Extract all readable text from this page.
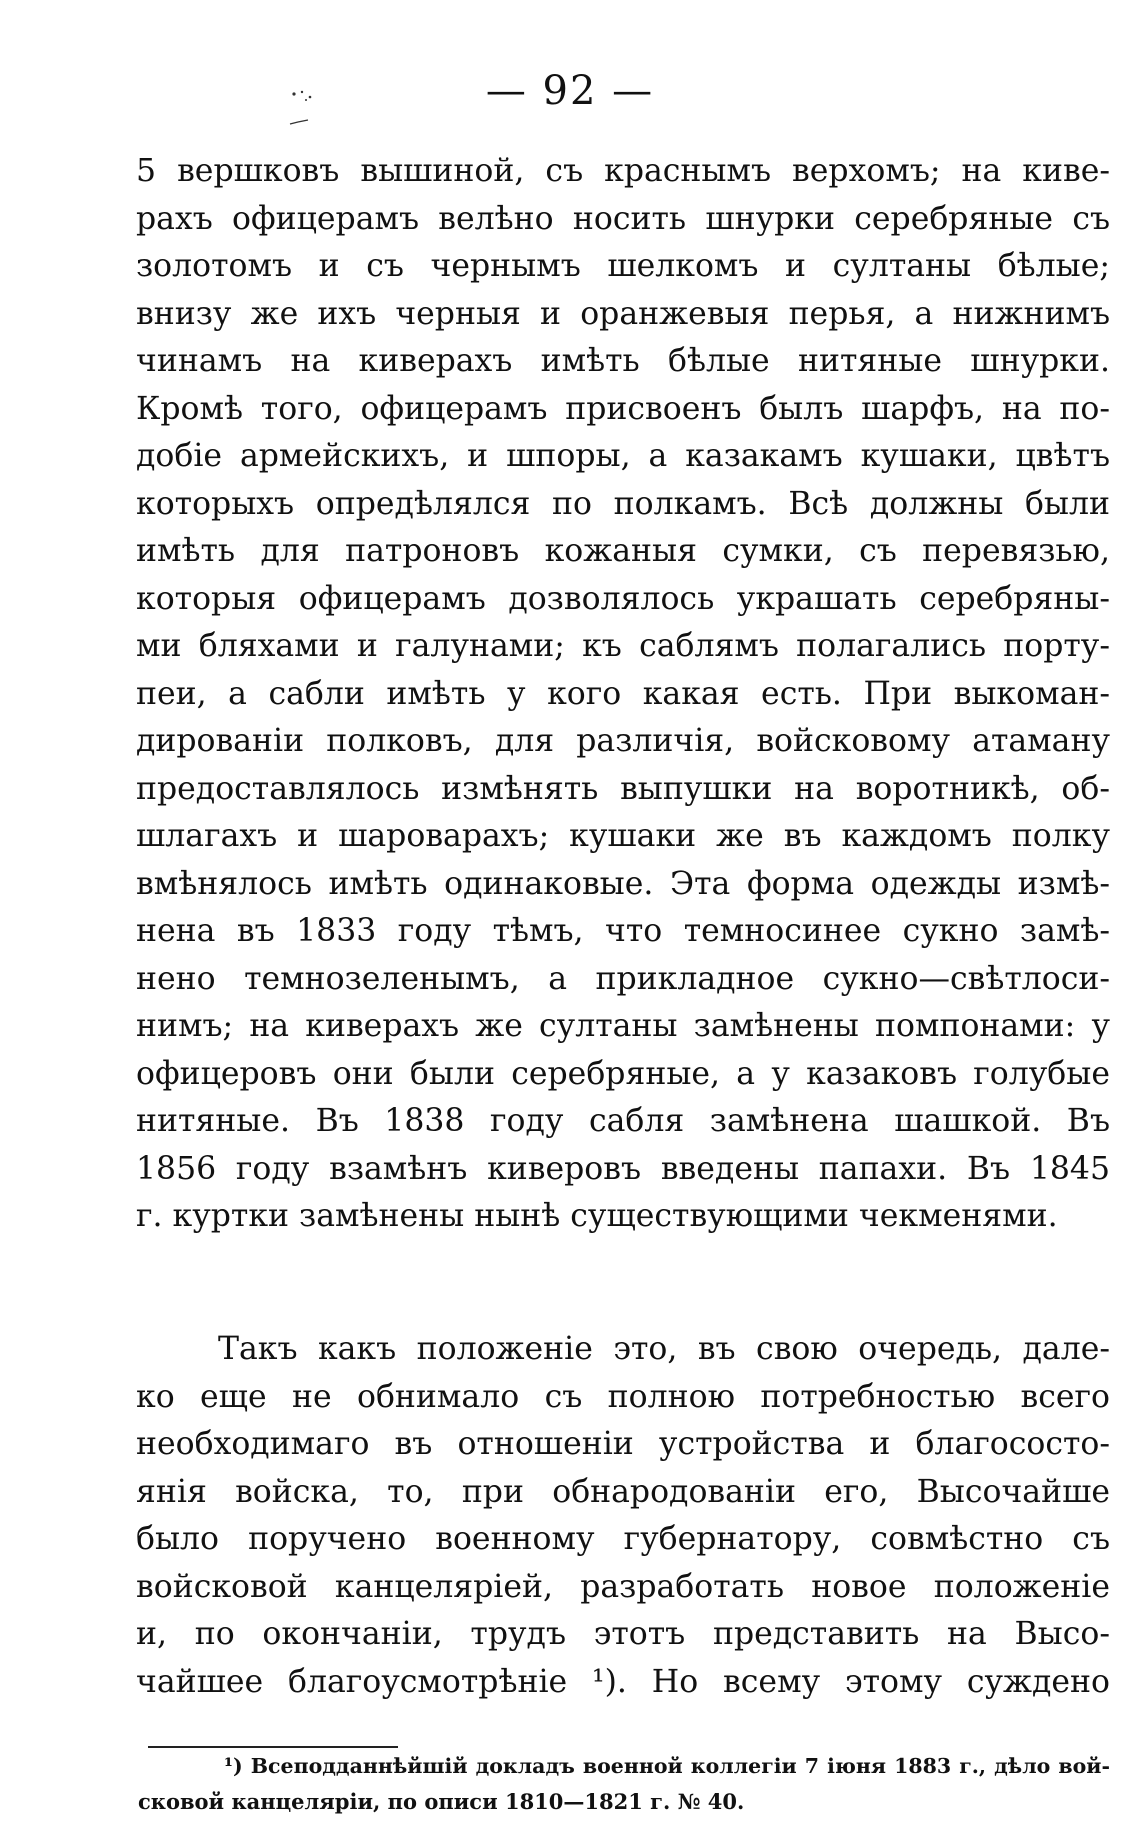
— 92 —
5 вершковъ вышиной, съ краснымъ верхомъ; на киве-
рахъ офицерамъ велѣно носить шнурки серебряные съ
золотомъ и съ чернымъ шелкомъ и султаны бѣлые;
внизу же ихъ черныя и оранжевыя перья, а нижнимъ
чинамъ на киверахъ имѣть бѣлые нитяные шнурки.
Кромѣ того, офицерамъ присвоенъ былъ шарфъ, на по-
добіе армейскихъ, и шпоры, а казакамъ кушаки, цвѣтъ
которыхъ опредѣлялся по полкамъ. Всѣ должны были
имѣть для патроновъ кожаныя сумки, съ перевязью,
которыя офицерамъ дозволялось украшать серебряны-
ми бляхами и галунами; къ саблямъ полагались порту-
пеи, а сабли имѣть у кого какая есть. При выкоман-
дированіи полковъ, для различія, войсковому атаману
предоставлялось измѣнять выпушки на воротникѣ, об-
шлагахъ и шароварахъ; кушаки же въ каждомъ полку
вмѣнялось имѣть одинаковые. Эта форма одежды измѣ-
нена въ 1833 году тѣмъ, что темносинее сукно замѣ-
нено темнозеленымъ, а прикладное сукно—свѣтлоси-
нимъ; на киверахъ же султаны замѣнены помпонами: у
офицеровъ они были серебряные, а у казаковъ голубые
нитяные. Въ 1838 году сабля замѣнена шашкой. Въ
1856 году взамѣнъ киверовъ введены папахи. Въ 1845
г. куртки замѣнены нынѣ существующими чекменями.
Такъ какъ положеніе это, въ свою очередь, дале-
ко еще не обнимало съ полною потребностью всего
необходимаго въ отношеніи устройства и благососто-
янія войска, то, при обнародованіи его, Высочайше
было поручено военному губернатору, совмѣстно съ
войсковой канцеляріей, разработать новое положеніе
и, по окончаніи, трудъ этотъ представить на Высо-
чайшее благоусмотрѣніе ¹). Но всему этому суждено
¹) Всеподданнѣйшій докладъ военной коллегіи 7 іюня 1883 г., дѣло вой-
сковой канцеляріи, по описи 1810—1821 г. № 40.
